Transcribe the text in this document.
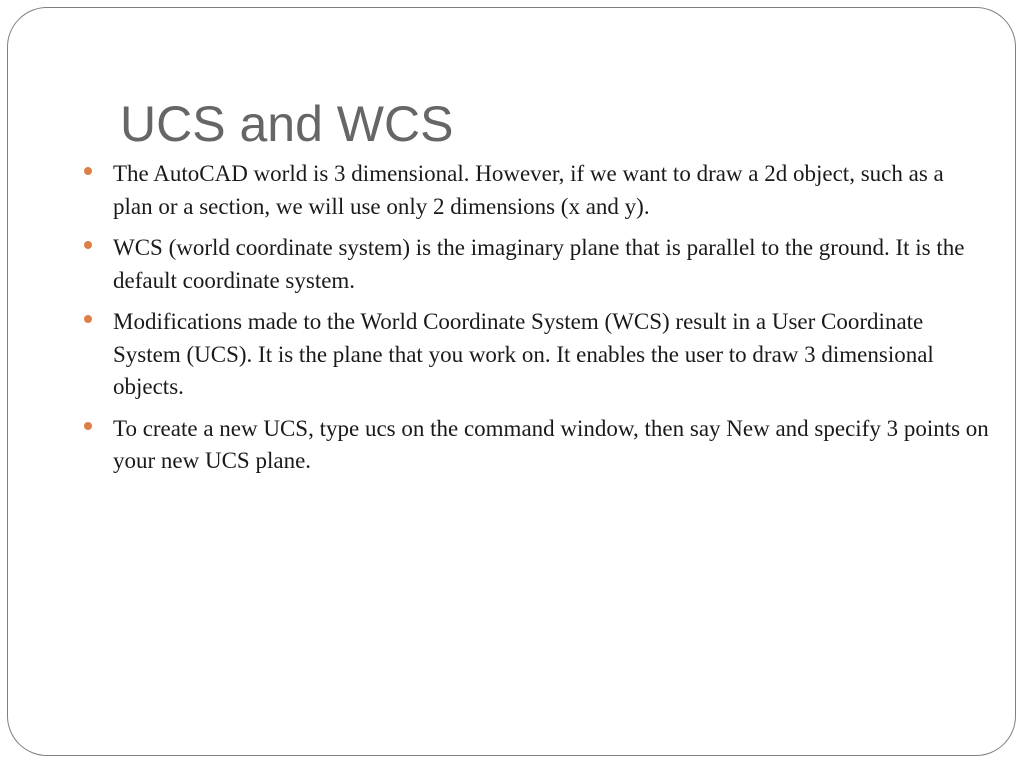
UCS and WCS
The AutoCAD world is 3 dimensional. However, if we want to draw a 2d object, such as a plan or a section, we will use only 2 dimensions (x and y).
WCS (world coordinate system) is the imaginary plane that is parallel to the ground. It is the default coordinate system.
Modifications made to the World Coordinate System (WCS) result in a User Coordinate System (UCS). It is the plane that you work on. It enables the user to draw 3 dimensional objects.
To create a new UCS, type ucs on the command window, then say New and specify 3 points on your new UCS plane.
